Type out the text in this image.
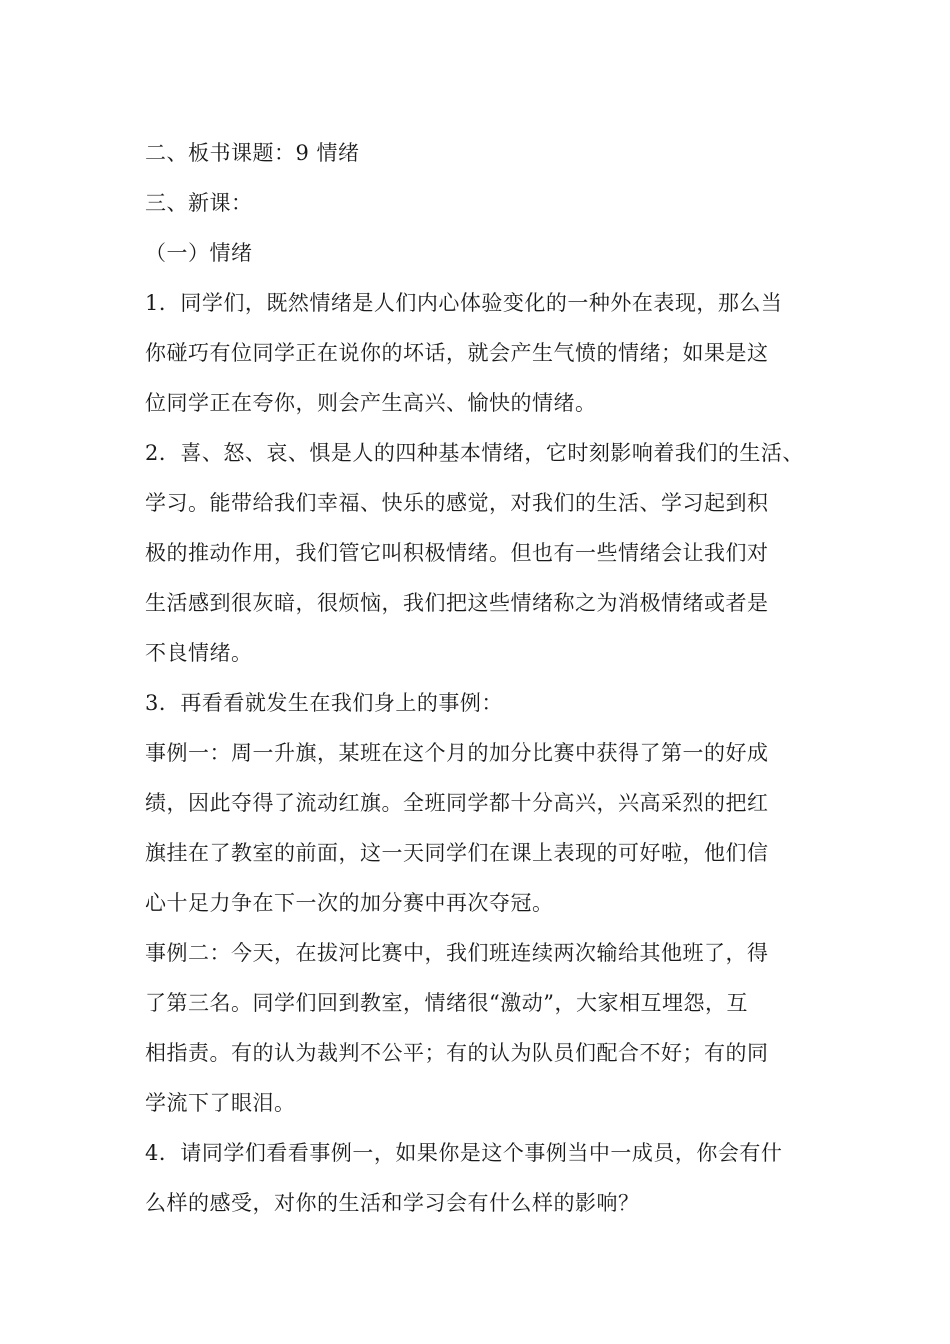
二、板书课题：9 情绪
三、新课：
（一）情绪
1．同学们，既然情绪是人们内心体验变化的一种外在表现，那么当
你碰巧有位同学正在说你的坏话，就会产生气愤的情绪；如果是这
位同学正在夸你，则会产生高兴、愉快的情绪。
2．喜、怒、哀、惧是人的四种基本情绪，它时刻影响着我们的生活、
学习。能带给我们幸福、快乐的感觉，对我们的生活、学习起到积
极的推动作用，我们管它叫积极情绪。但也有一些情绪会让我们对
生活感到很灰暗，很烦恼，我们把这些情绪称之为消极情绪或者是
不良情绪。
3．再看看就发生在我们身上的事例：
事例一：周一升旗，某班在这个月的加分比赛中获得了第一的好成
绩，因此夺得了流动红旗。全班同学都十分高兴，兴高采烈的把红
旗挂在了教室的前面，这一天同学们在课上表现的可好啦，他们信
心十足力争在下一次的加分赛中再次夺冠。
事例二：今天，在拔河比赛中，我们班连续两次输给其他班了，得
了第三名。同学们回到教室，情绪很“激动”，大家相互埋怨，互
相指责。有的认为裁判不公平；有的认为队员们配合不好；有的同
学流下了眼泪。
4．请同学们看看事例一，如果你是这个事例当中一成员，你会有什
么样的感受，对你的生活和学习会有什么样的影响？
